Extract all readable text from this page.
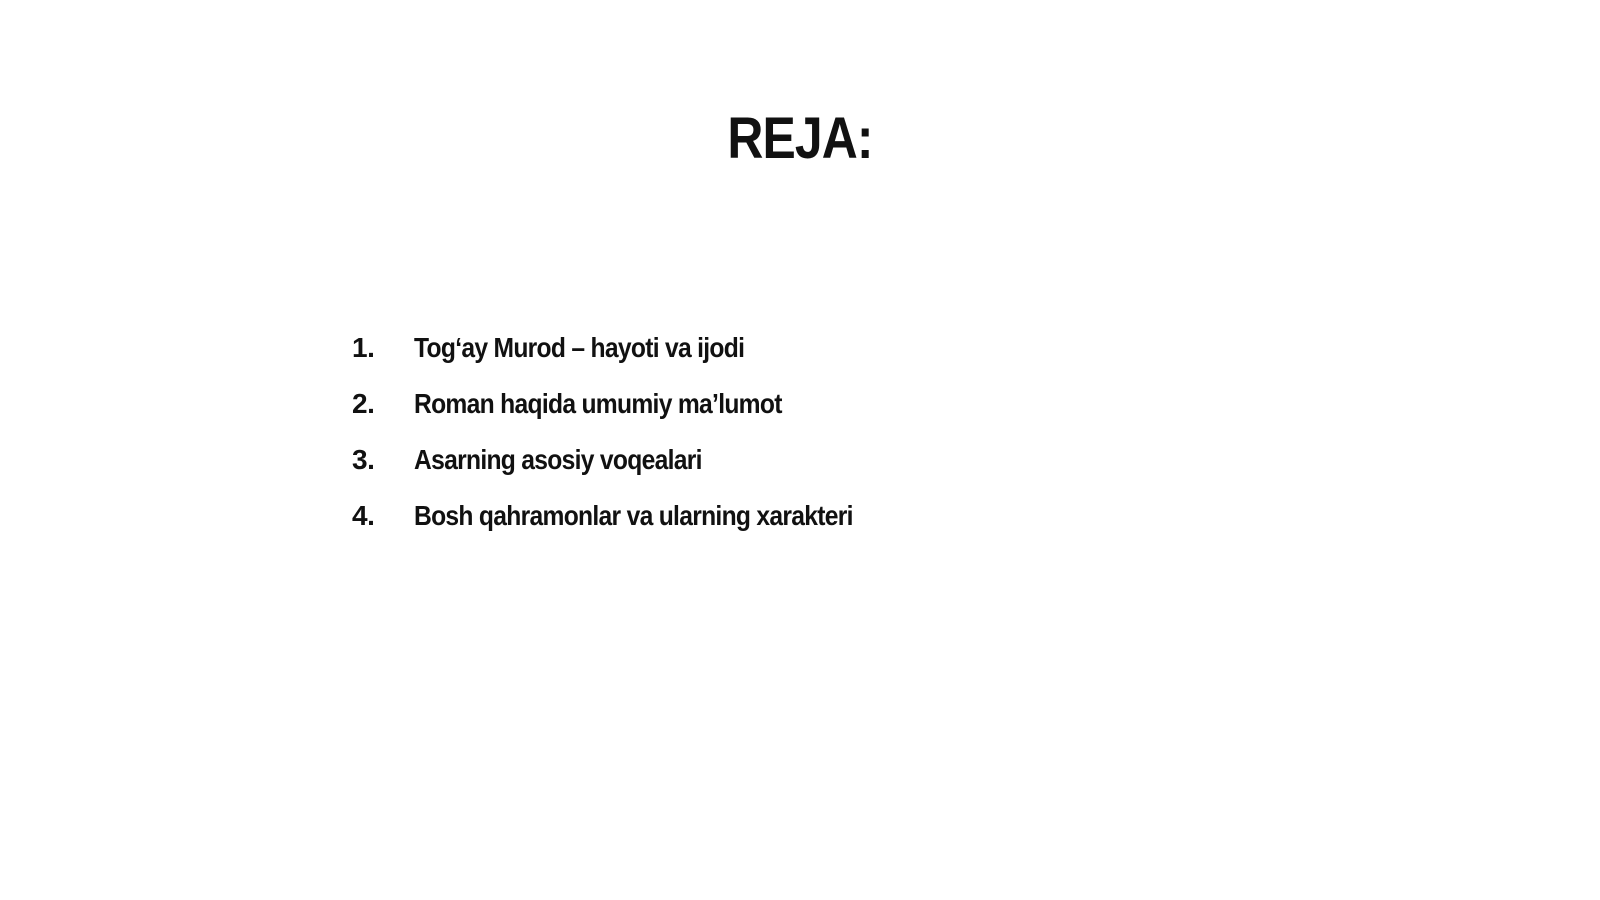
REJA:
1.	Tog‘ay Murod – hayoti va ijodi
2.	Roman haqida umumiy ma’lumot
3.	Asarning asosiy voqealari
4.	Bosh qahramonlar va ularning xarakteri
